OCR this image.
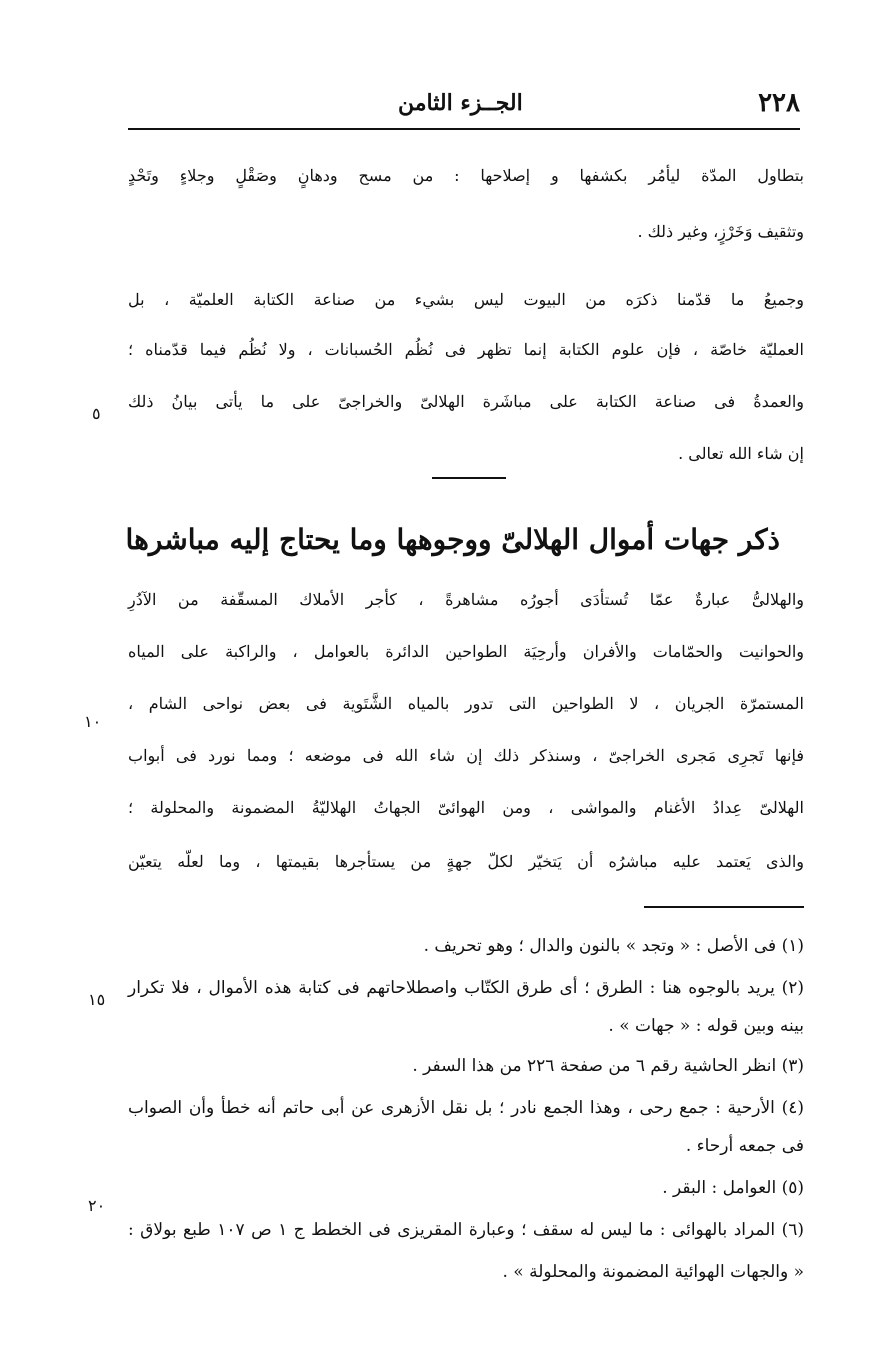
٢٢٨
الجــزء الثامن
بتطاول المدّة ليأمُر بكشفها و إصلاحها : من مسح ودهانٍ وصَقْلٍ وجلاءٍ وتَحْدٍ
وتثقيف وَخَرْزٍ، وغير ذلك .
وجميعُ ما قدّمنا ذكرَه من البيوت ليس بشيء من صناعة الكتابة العلميّة ، بل
العمليّة خاصّة ، فإن علوم الكتابة إنما تظهر فى نُظُم الحُسبانات ، ولا نُظُم فيما قدّمناه ؛
والعمدةُ فى صناعة الكتابة على مباشَرة الهلالىّ والخراجىّ على ما يأتى بيانُ ذلك
إن شاء الله تعالى .
٥
ذكر جهات أموال الهلالىّ ووجوهها وما يحتاج إليه مباشرها
والهلالىُّ عبارةٌ عمّا تُستأدَى أجورُه مشاهرةً ، كأجر الأملاك المسقّفة من الآدُرِ
والحوانيت والحمّامات والأفران وأرحِيَة الطواحين الدائرة بالعوامل ، والراكبة على المياه
المستمرّة الجريان ، لا الطواحين التى تدور بالمياه الشَّتَوية فى بعض نواحى الشام ،
فإنها تَجرِى مَجرى الخراجىّ ، وسنذكر ذلك إن شاء الله فى موضعه ؛ ومما نورد فى أبواب
الهلالىّ عِدادُ الأغنام والمواشى ، ومن الهوائىّ الجهاتُ الهلاليّةُ المضمونة والمحلولة ؛
والذى يَعتمد عليه مباشرُه أن يَتخيّر لكلّ جهةٍ من يستأجرها بقيمتها ، وما لعلّه يتعيّن
١٠
(١) فى الأصل : « وتجد » بالنون والدال ؛ وهو تحريف .
(٢) يريد بالوجوه هنا : الطرق ؛ أى طرق الكتّاب واصطلاحاتهم فى كتابة هذه الأموال ، فلا تكرار
بينه وبين قوله : « جهات » .
(٣) انظر الحاشية رقم ٦ من صفحة ٢٢٦ من هذا السفر .
(٤) الأرحية : جمع رحى ، وهذا الجمع نادر ؛ بل نقل الأزهرى عن أبى حاتم أنه خطأ وأن الصواب
فى جمعه أرحاء .
(٥) العوامل : البقر .
(٦) المراد بالهوائى : ما ليس له سقف ؛ وعبارة المقريزى فى الخطط ج ١ ص ١٠٧ طبع بولاق :
« والجهات الهوائية المضمونة والمحلولة » .
١٥
٢٠
